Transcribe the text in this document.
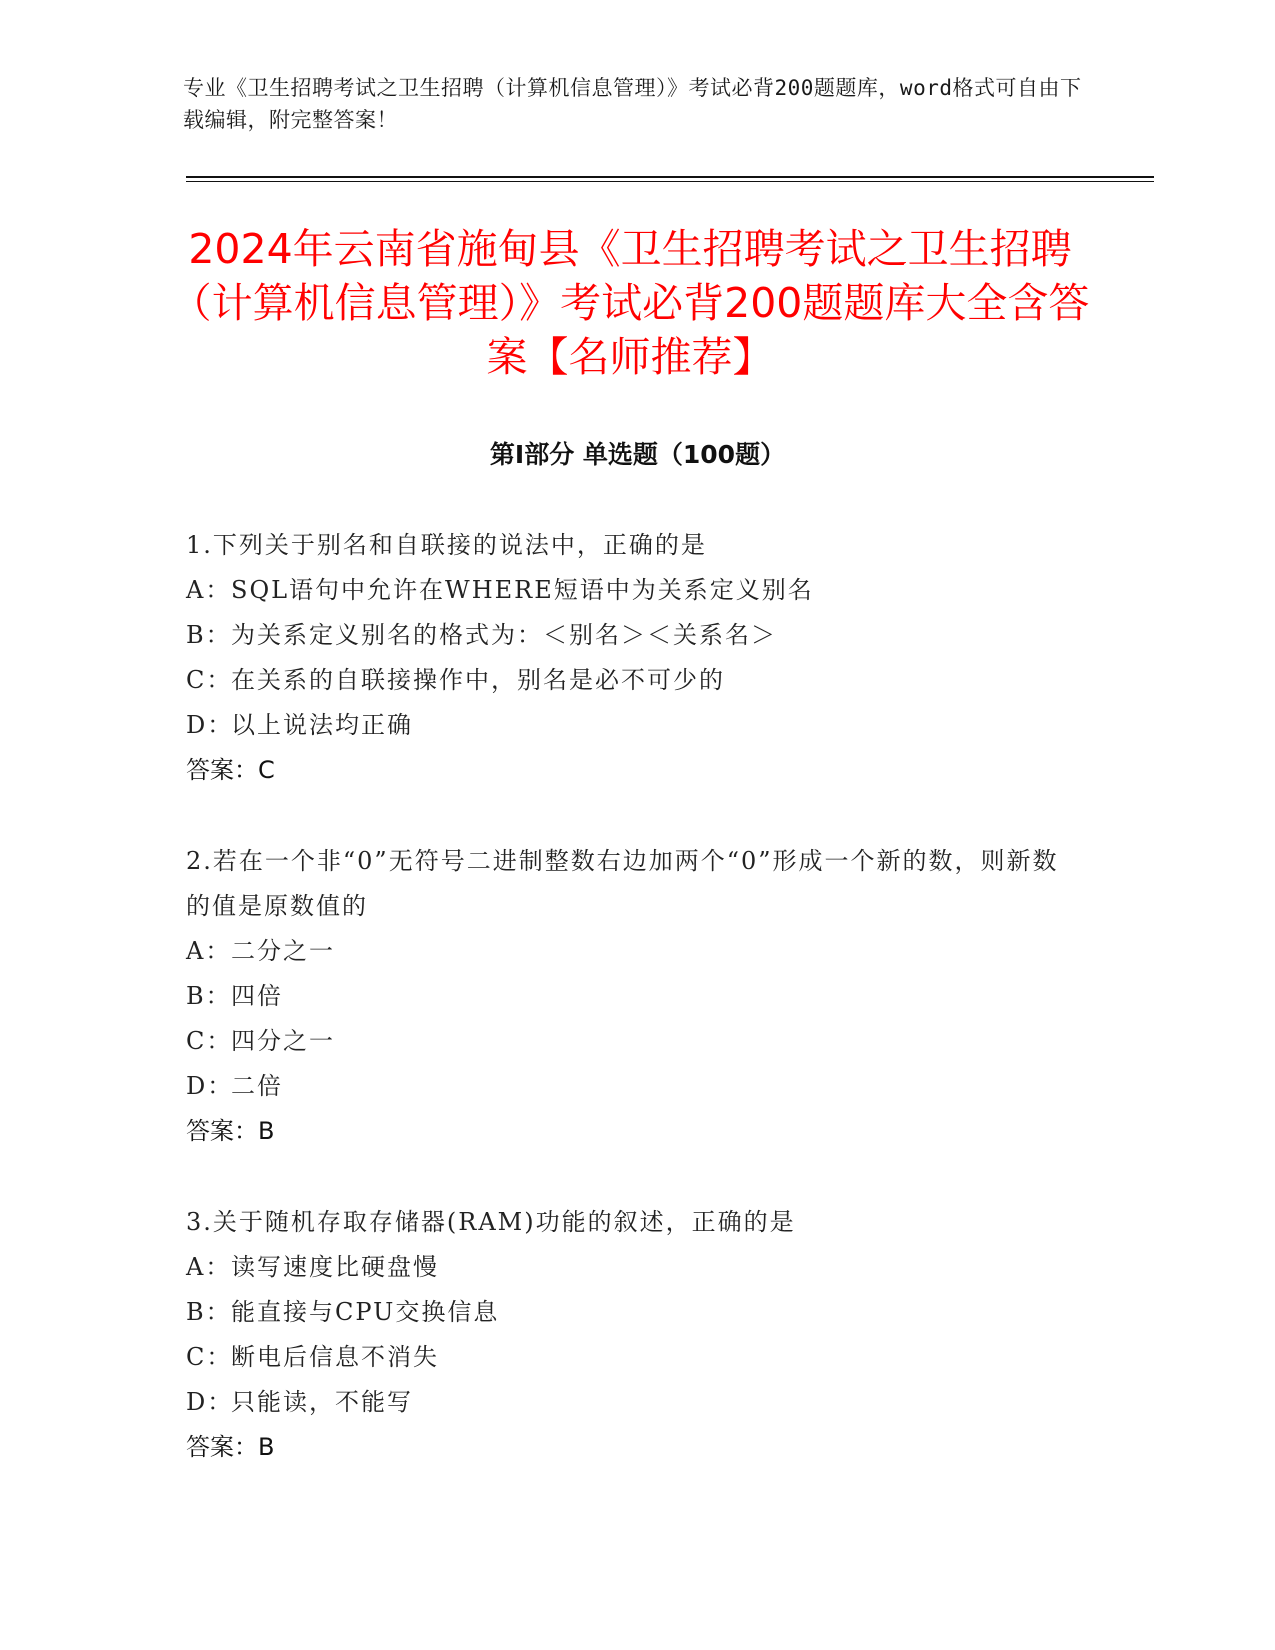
专业《卫生招聘考试之卫生招聘（计算机信息管理）》考试必背200题题库，word格式可自由下载编辑，附完整答案！
2024年云南省施甸县《卫生招聘考试之卫生招聘（计算机信息管理）》考试必背200题题库大全含答案【名师推荐】
第Ⅰ部分 单选题（100题）

1.下列关于别名和自联接的说法中，正确的是

A：SQL语句中允许在WHERE短语中为关系定义别名

B：为关系定义别名的格式为：＜别名＞＜关系名＞

C：在关系的自联接操作中，别名是必不可少的

D：以上说法均正确

答案：C

2.若在一个非“0”无符号二进制整数右边加两个“0”形成一个新的数，则新数的值是原数值的

A：二分之一

B：四倍

C：四分之一

D：二倍

答案：B

3.关于随机存取存储器(RAM)功能的叙述，正确的是

A：读写速度比硬盘慢

B：能直接与CPU交换信息

C：断电后信息不消失

D：只能读，不能写

答案：B
